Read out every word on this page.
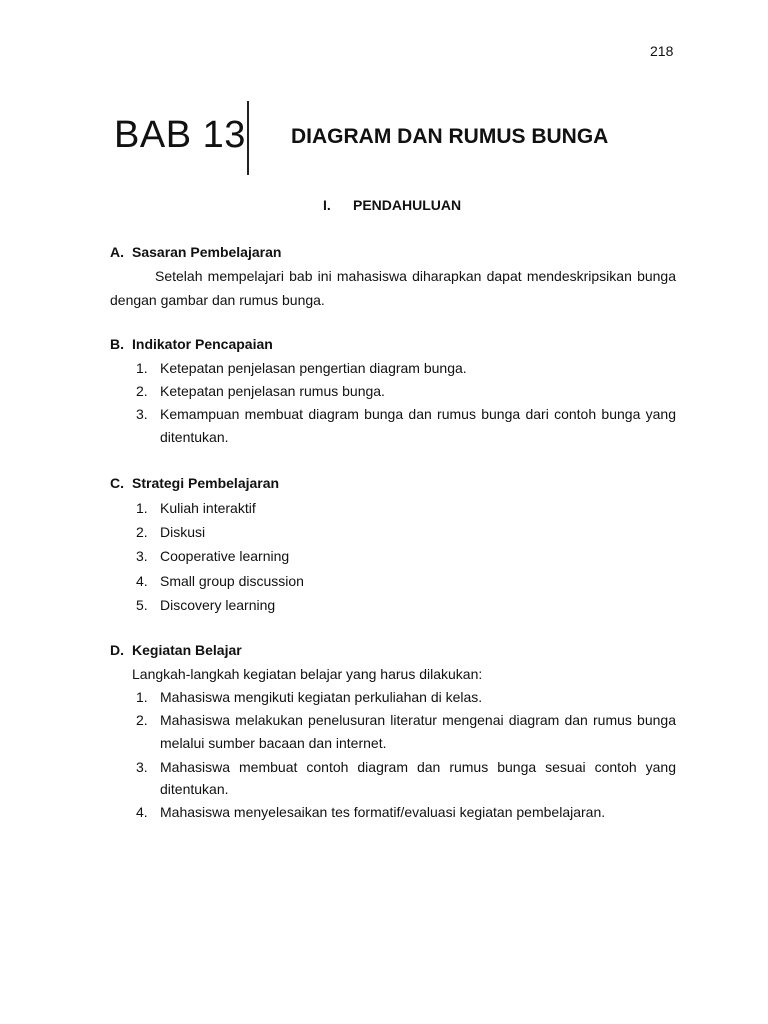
218
BAB 13 DIAGRAM DAN RUMUS BUNGA
I. PENDAHULUAN
A. Sasaran Pembelajaran
Setelah mempelajari bab ini mahasiswa diharapkan dapat mendeskripsikan bunga
dengan gambar dan rumus bunga.
B. Indikator Pencapaian
1. Ketepatan penjelasan pengertian diagram bunga.
2. Ketepatan penjelasan rumus bunga.
3. Kemampuan membuat diagram bunga dan rumus bunga dari contoh bunga yang
ditentukan.
C. Strategi Pembelajaran
1. Kuliah interaktif
2. Diskusi
3. Cooperative learning
4. Small group discussion
5. Discovery learning
D. Kegiatan Belajar
Langkah-langkah kegiatan belajar yang harus dilakukan:
1. Mahasiswa mengikuti kegiatan perkuliahan di kelas.
2. Mahasiswa melakukan penelusuran literatur mengenai diagram dan rumus bunga
melalui sumber bacaan dan internet.
3. Mahasiswa membuat contoh diagram dan rumus bunga sesuai contoh yang
ditentukan.
4. Mahasiswa menyelesaikan tes formatif/evaluasi kegiatan pembelajaran.
